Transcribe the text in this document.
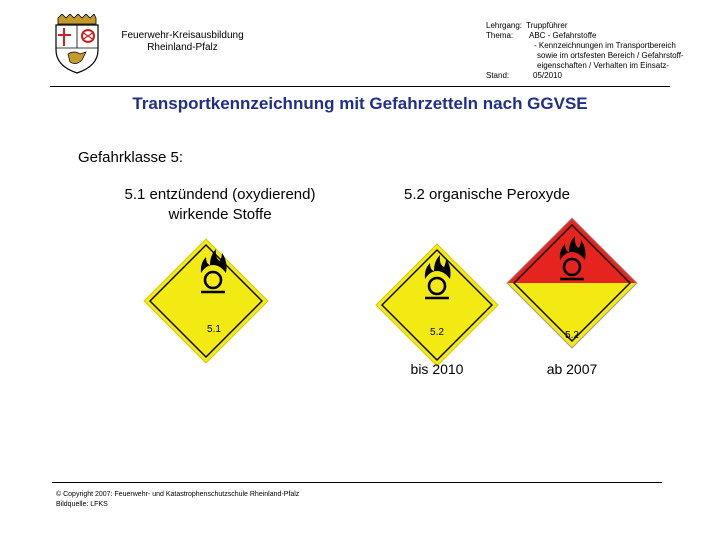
Feuerwehr-Kreisausbildung
Rheinland-Pfalz
Lehrgang: Truppführer
Thema: ABC - Gefahrstoffe
- Kennzeichnungen im Transportbereich
sowie im ortsfesten Bereich / Gefahrstoff-
eigenschaften / Verhalten im Einsatz-
Stand:	05/2010
Transportkennzeichnung mit Gefahrzetteln nach GGVSE
Gefahrklasse 5:
5.1 entzündend (oxydierend)
wirkende Stoffe
5.2 organische Peroxyde
5.1	5.2	5.2
bis 2010	ab 2007
© Copyright 2007: Feuerwehr- und Katastrophenschutzschule Rheinland-Pfalz
Bildquelle: LFKS
